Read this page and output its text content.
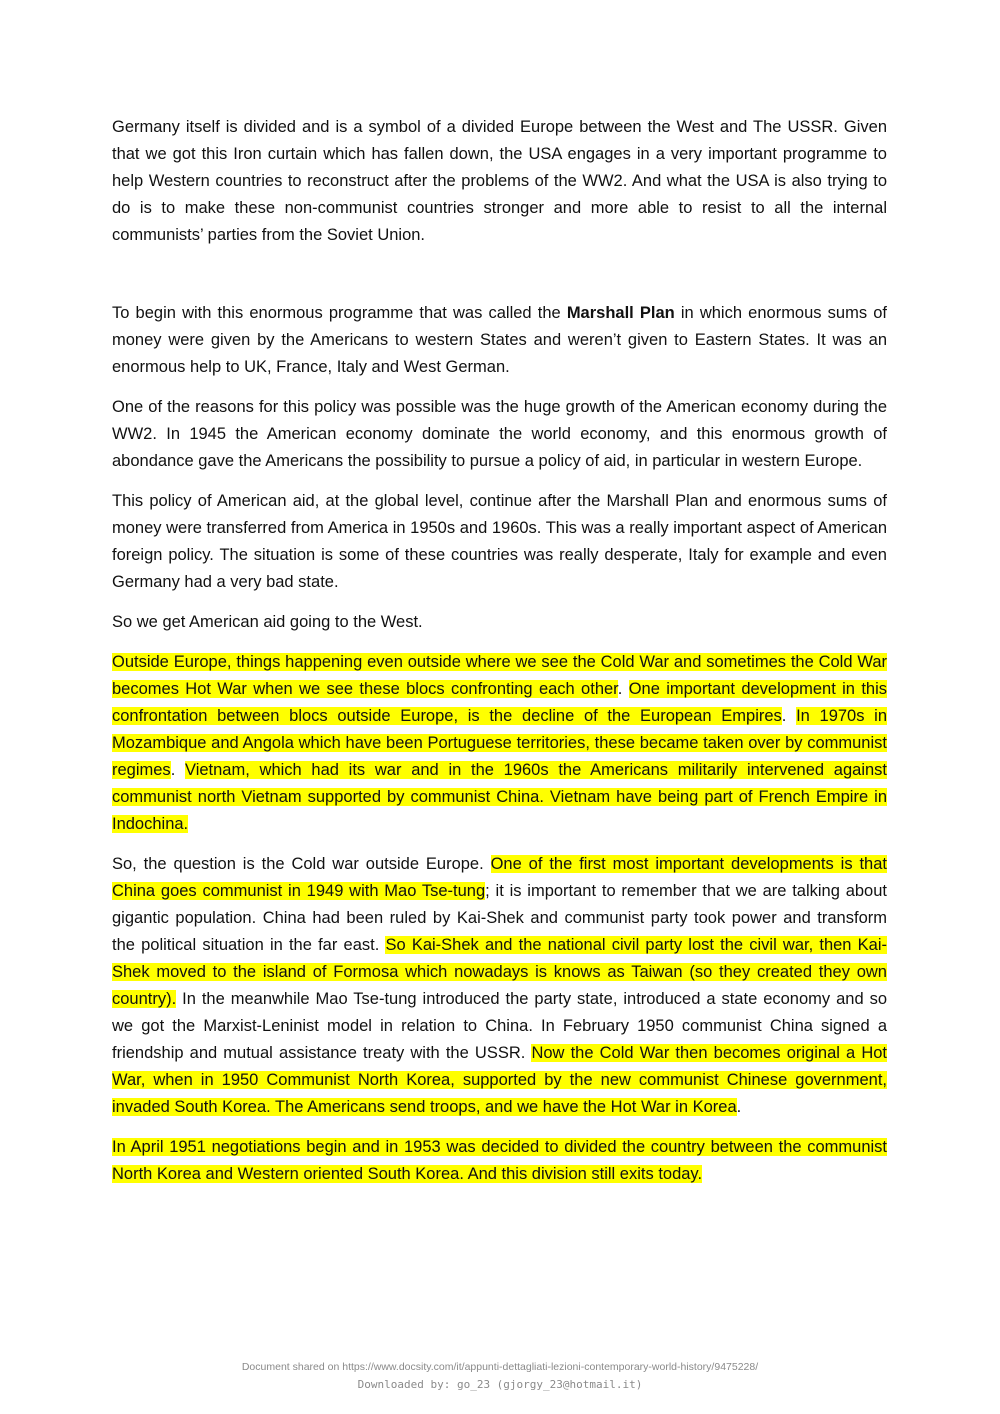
Germany itself is divided and is a symbol of a divided Europe between the West and The USSR. Given that we got this Iron curtain which has fallen down, the USA engages in a very important programme to help Western countries to reconstruct after the problems of the WW2. And what the USA is also trying to do is to make these non-communist countries stronger and more able to resist to all the internal communists’ parties from the Soviet Union.

To begin with this enormous programme that was called the Marshall Plan in which enormous sums of money were given by the Americans to western States and weren’t given to Eastern States. It was an enormous help to UK, France, Italy and West German.

One of the reasons for this policy was possible was the huge growth of the American economy during the WW2. In 1945 the American economy dominate the world economy, and this enormous growth of abondance gave the Americans the possibility to pursue a policy of aid, in particular in western Europe.

This policy of American aid, at the global level, continue after the Marshall Plan and enormous sums of money were transferred from America in 1950s and 1960s. This was a really important aspect of American foreign policy. The situation is some of these countries was really desperate, Italy for example and even Germany had a very bad state.

So we get American aid going to the West.

Outside Europe, things happening even outside where we see the Cold War and sometimes the Cold War becomes Hot War when we see these blocs confronting each other. One important development in this confrontation between blocs outside Europe, is the decline of the European Empires. In 1970s in Mozambique and Angola which have been Portuguese territories, these became taken over by communist regimes. Vietnam, which had its war and in the 1960s the Americans militarily intervened against communist north Vietnam supported by communist China. Vietnam have being part of French Empire in Indochina.

So, the question is the Cold war outside Europe. One of the first most important developments is that China goes communist in 1949 with Mao Tse-tung; it is important to remember that we are talking about gigantic population. China had been ruled by Kai-Shek and communist party took power and transform the political situation in the far east. So Kai-Shek and the national civil party lost the civil war, then Kai-Shek moved to the island of Formosa which nowadays is knows as Taiwan (so they created they own country). In the meanwhile Mao Tse-tung introduced the party state, introduced a state economy and so we got the Marxist-Leninist model in relation to China. In February 1950 communist China signed a friendship and mutual assistance treaty with the USSR. Now the Cold War then becomes original a Hot War, when in 1950 Communist North Korea, supported by the new communist Chinese government, invaded South Korea. The Americans send troops, and we have the Hot War in Korea.

In April 1951 negotiations begin and in 1953 was decided to divided the country between the communist North Korea and Western oriented South Korea. And this division still exits today.

Document shared on https://www.docsity.com/it/appunti-dettagliati-lezioni-contemporary-world-history/9475228/
Downloaded by: go_23 (gjorgy_23@hotmail.it)
